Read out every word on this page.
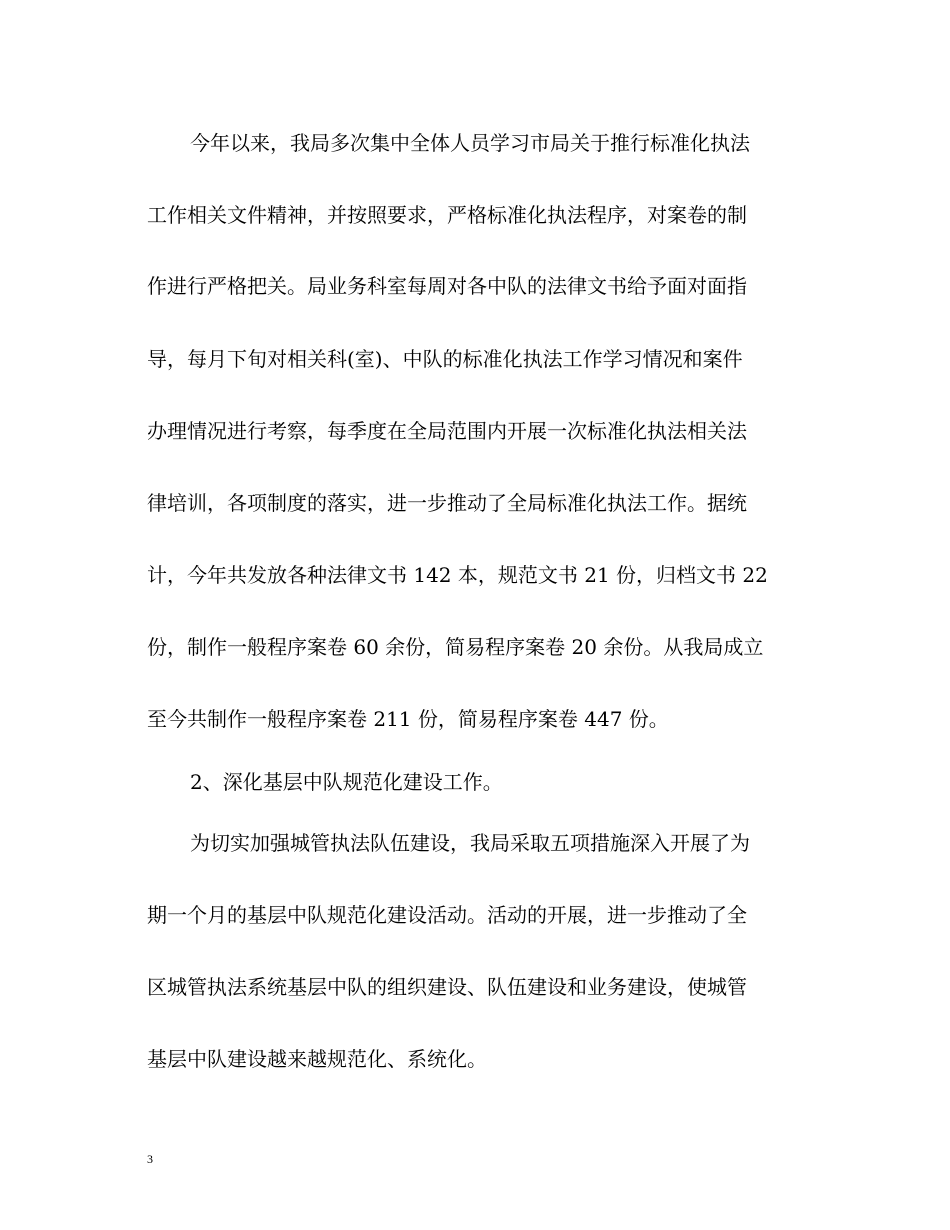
今年以来，我局多次集中全体人员学习市局关于推行标准化执法
工作相关文件精神，并按照要求，严格标准化执法程序，对案卷的制
作进行严格把关。局业务科室每周对各中队的法律文书给予面对面指
导，每月下旬对相关科(室)、中队的标准化执法工作学习情况和案件
办理情况进行考察，每季度在全局范围内开展一次标准化执法相关法
律培训，各项制度的落实，进一步推动了全局标准化执法工作。据统
计，今年共发放各种法律文书 142 本，规范文书 21 份，归档文书 22
份，制作一般程序案卷 60 余份，简易程序案卷 20 余份。从我局成立
至今共制作一般程序案卷 211 份，简易程序案卷 447 份。
2、深化基层中队规范化建设工作。
为切实加强城管执法队伍建设，我局采取五项措施深入开展了为
期一个月的基层中队规范化建设活动。活动的开展，进一步推动了全
区城管执法系统基层中队的组织建设、队伍建设和业务建设，使城管
基层中队建设越来越规范化、系统化。
3
